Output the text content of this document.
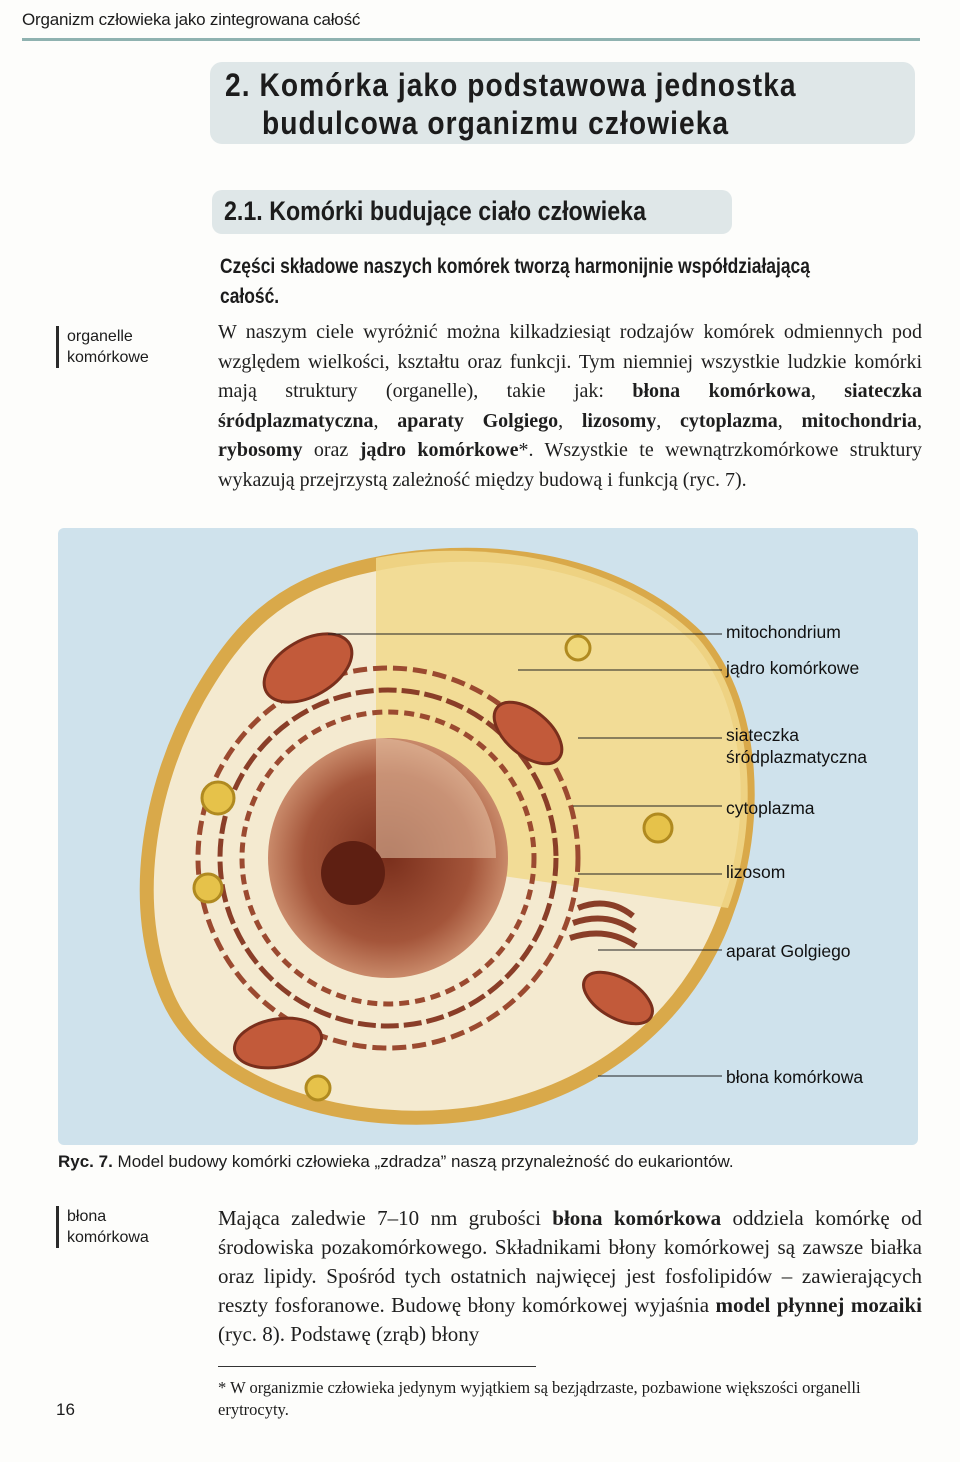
Organizm człowieka jako zintegrowana całość
2. Komórka jako podstawowa jednostka
budulcowa organizmu człowieka
2.1. Komórki budujące ciało człowieka

Części składowe naszych komórek tworzą harmonijnie współdziałającą całość.

organelle
komórkowe

W naszym ciele wyróżnić można kilkadziesiąt rodzajów komórek odmiennych pod względem wielkości, kształtu oraz funkcji. Tym niemniej wszystkie ludzkie komórki mają struktury (organelle), takie jak: błona komórkowa, siateczka śródplazmatyczna, aparaty Golgiego, lizosomy, cytoplazma, mitochondria, rybosomy oraz jądro komórkowe*. Wszystkie te wewnątrzkomórkowe struktury wykazują przejrzystą zależność między budową i funkcją (ryc. 7).

mitochondrium
jądro komórkowe
siateczka
śródplazmatyczna
cytoplazma
lizosom
aparat Golgiego
błona komórkowa
Ryc. 7. Model budowy komórki człowieka „zdradza” naszą przynależność do eukariontów.
błona
komórkowa

Mająca zaledwie 7–10 nm grubości błona komórkowa oddziela komórkę od środowiska pozakomórkowego. Składnikami błony komórkowej są zawsze białka oraz lipidy. Spośród tych ostatnich najwięcej jest fosfolipidów – zawierających reszty fosforanowe. Budowę błony komórkowej wyjaśnia model płynnej mozaiki (ryc. 8). Podstawę (zrąb) błony

* W organizmie człowieka jedynym wyjątkiem są bezjądrzaste, pozbawione większości organelli erytrocyty.

16
